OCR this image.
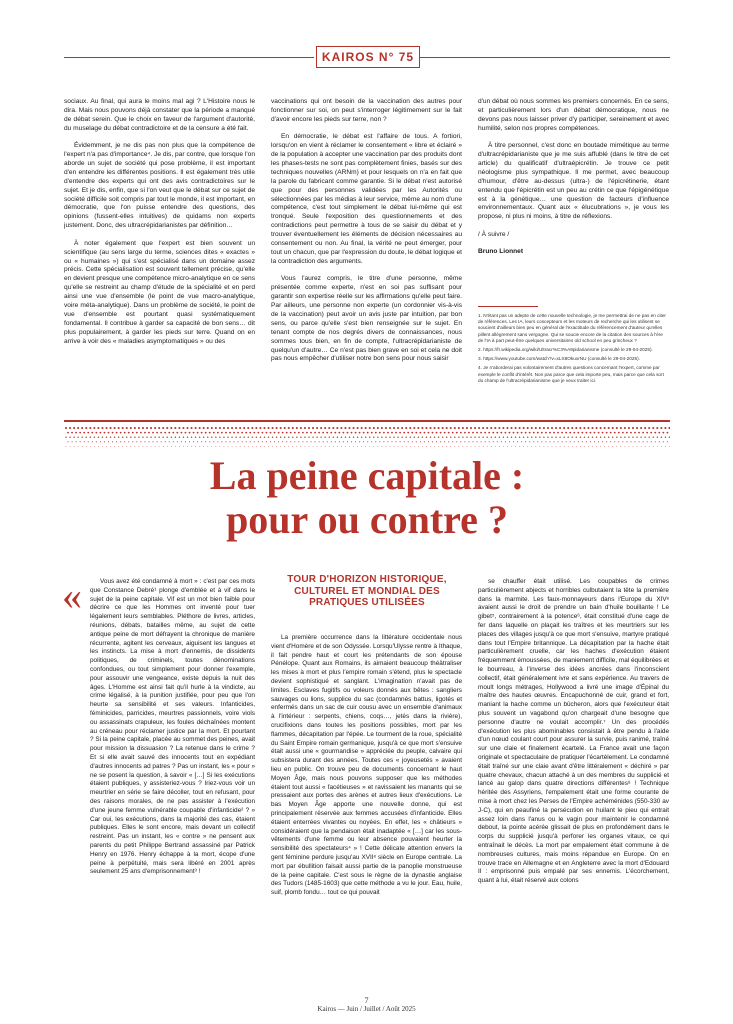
KAIROS N° 75

sociaux. Au final, qui aura le moins mal agi ? L'Histoire nous le dira. Mais nous pouvons déjà constater que la période a manqué de débat serein. Que le choix en faveur de l'argument d'autorité, du muselage du débat contradictoire et de la censure a été fait.

Évidemment, je ne dis pas non plus que la compétence de l'expert n'a pas d'importance⁴. Je dis, par contre, que lorsque l'on aborde un sujet de société qui pose problème, il est important d'en entendre les différentes positions. Il est également très utile d'entendre des experts qui ont des avis contradictoires sur le sujet. Et je dis, enfin, que si l'on veut que le débat sur ce sujet de société difficile soit compris par tout le monde, il est important, en démocratie, que l'on puisse entendre des questions, des opinions (fussent-elles intuitives) de quidams non experts justement. Donc, des ultracrépidarianistes par définition…

À noter également que l'expert est bien souvent un scientifique (au sens large du terme, sciences dites « exactes » ou « humaines ») qui s'est spécialisé dans un domaine assez précis. Cette spécialisation est souvent tellement précise, qu'elle en devient presque une compétence micro-analytique en ce sens qu'elle se restreint au champ d'étude de la spécialité et en perd ainsi une vue d'ensemble (le point de vue macro-analytique, voire méta-analytique). Dans un problème de société, le point de vue d'ensemble est pourtant quasi systématiquement fondamental. Il contribue à garder sa capacité de bon sens… dit plus populairement, à garder les pieds sur terre. Quand on en arrive à voir des « maladies asymptomatiques » ou des

vaccinations qui ont besoin de la vaccination des autres pour fonctionner sur soi, on peut s'interroger légitimement sur le fait d'avoir encore les pieds sur terre, non ?

En démocratie, le débat est l'affaire de tous. A fortiori, lorsqu'on en vient à réclamer le consentement « libre et éclairé » de la population à accepter une vaccination par des produits dont les phases-tests ne sont pas complètement finies, basés sur des techniques nouvelles (ARNm) et pour lesquels on n'a en fait que la parole du fabricant comme garantie. Si le débat n'est autorisé que pour des personnes validées par les Autorités ou sélectionnées par les médias à leur service, même au nom d'une compétence, c'est tout simplement le débat lui-même qui est tronqué. Seule l'exposition des questionnements et des contradictions peut permettre à tous de se saisir du débat et y trouver éventuellement les éléments de décision nécessaires au consentement ou non. Au final, la vérité ne peut émerger, pour tout un chacun, que par l'expression du doute, le débat logique et la contradiction des arguments.

Vous l'aurez compris, le titre d'une personne, même présentée comme experte, n'est en soi pas suffisant pour garantir son expertise réelle sur les affirmations qu'elle peut faire. Par ailleurs, une personne non experte (un cordonnier vis-à-vis de la vaccination) peut avoir un avis juste par intuition, par bon sens, ou parce qu'elle s'est bien renseignée sur le sujet. En tenant compte de nos degrés divers de connaissances, nous sommes tous bien, en fin de compte, l'ultracrépidarianiste de quelqu'un d'autre… Ce n'est pas bien grave en soi et cela ne doit pas nous empêcher d'utiliser notre bon sens pour nous saisir

d'un débat où nous sommes les premiers concernés. En ce sens, et particulièrement lors d'un débat démocratique, nous ne devons pas nous laisser priver d'y participer, sereinement et avec humilité, selon nos propres compétences.

À titre personnel, c'est donc en boutade mimétique au terme d'ultracrépidarianiste que je me suis affublé (dans le titre de cet article) du qualificatif d'ultraépicrétin. Je trouve ce petit néologisme plus sympathique. Il me permet, avec beaucoup d'humour, d'être au-dessus (ultra-) de l'épicrétinerie, étant entendu que l'épicrétin est un peu au crétin ce que l'épigénétique est à la génétique… une question de facteurs d'influence environnementaux. Quant aux « élucubrations », je vous les propose, ni plus ni moins, à titre de réflexions.

/ À suivre /

Bruno Lionnet

1. N'étant pas un adepte de cette nouvelle technologie, je me permettrai de ne pas en citer de références. Les IA, leurs concepteurs et les moteurs de recherche qui les utilisent se soucient d'ailleurs bien peu en général de l'exactitude du référencement d'auteur qu'elles pillent allègrement sans vergogne. Qui se soucie encore de la citation des sources à l'ère de l'IA à part peut-être quelques universitaires old school en peu grincheux ?

2. https://fr.wikipedia.org/wiki/Ultracr%C3%A9pidarianisme (consulté le 29-04-2025).

3. https://www.youtube.com/watch?v=xLX8OkuxrNU (consulté le 29-04-2025).

4. Je n'aborderai pas volontairement d'autres questions concernant l'expert, comme par exemple le conflit d'intérêt. Non pas parce que cela importe peu, mais parce que cela sort du champ de l'ultracrépidarianisme que je veux traiter ici.

La peine capitale :
pour ou contre ?
«	TOUR D'HORIZON HISTORIQUE, CULTUREL ET MONDIAL DES PRATIQUES UTILISÉES

Vous avez été condamné à mort » : c'est par ces mots que Constance Debré¹ plonge d'emblée et à vif dans le sujet de la peine capitale. Vif est un mot bien faible pour décrire ce que les Hommes ont inventé pour tuer légalement leurs semblables. Pléthore de livres, articles, réunions, débats, batailles même, au sujet de cette antique peine de mort défrayent la chronique de manière récurrente, agitent les cerveaux, aiguisent les langues et les instincts. La mise à mort d'ennemis, de dissidents politiques, de criminels, toutes dénominations confondues, ou tout simplement pour donner l'exemple, pour assouvir une vengeance, existe depuis la nuit des âges. L'Homme est ainsi fait qu'il hurle à la vindicte, au crime légalisé, à la punition justifiée, pour peu que l'on heurte sa sensibilité et ses valeurs. Infanticides, féminicides, parricides, meurtres passionnels, voire viols ou assassinats crapuleux, les foules déchaînées montent au créneau pour réclamer justice par la mort. Et pourtant ? Si la peine capitale, placée au sommet des peines, avait pour mission la dissuasion ? La retenue dans le crime ? Et si elle avait sauvé des innocents tout en expédiant d'autres innocents ad patres ? Pas un instant, les « pour » ne se posent la question, à savoir « […] Si les exécutions étaient publiques, y assisteriez-vous ? Iriez-vous voir un meurtrier en série se faire décoller, tout en refusant, pour des raisons morales, de ne pas assister à l'exécution d'une jeune femme vulnérable coupable d'infanticide² ? » Car oui, les exécutions, dans la majorité des cas, étaient publiques. Elles le sont encore, mais devant un collectif restreint. Pas un instant, les « contre » ne pensent aux parents du petit Philippe Bertrand assassiné par Patrick Henry en 1976. Henry échappe à la mort, écope d'une peine à perpétuité, mais sera libéré en 2001 après seulement 25 ans d'emprisonnement³ !

La première occurrence dans la littérature occidentale nous vient d'Homère et de son Odyssée. Lorsqu'Ulysse rentre à Ithaque, il fait pendre haut et court les prétendants de son épouse Pénélope. Quant aux Romains, ils aimaient beaucoup théâtraliser les mises à mort et plus l'empire romain s'étend, plus le spectacle devient sophistiqué et sanglant. L'imagination n'avait pas de limites. Esclaves fugitifs ou voleurs donnés aux bêtes : sangliers sauvages ou lions, supplice du sac (condamnés battus, ligotés et enfermés dans un sac de cuir cousu avec un ensemble d'animaux à l'intérieur : serpents, chiens, coqs…, jetés dans la rivière), crucifixions dans toutes les positions possibles, mort par les flammes, décapitation par l'épée. Le tourment de la roue, spécialité du Saint Empire romain germanique, jusqu'à ce que mort s'ensuive était aussi une « gourmandise » appréciée du peuple, calvaire qui subsistera durant des années. Toutes ces « joyeusetés » avaient lieu en public. On trouve peu de documents concernant le haut Moyen Âge, mais nous pouvons supposer que les méthodes étaient tout aussi « facétieuses » et ravissaient les manants qui se pressaient aux portes des arènes et autres lieux d'exécutions. Le bas Moyen Âge apporte une nouvelle donne, qui est principalement réservée aux femmes accusées d'infanticide. Elles étaient enterrées vivantes ou noyées. En effet, les « châtieurs » considéraient que la pendaison était inadaptée « […] car les sous-vêtements d'une femme ou leur absence pouvaient heurter la sensibilité des spectateurs⁴ » ! Cette délicate attention envers la gent féminine perdure jusqu'au XVIIᵉ siècle en Europe centrale. La mort par ébullition faisait aussi partie de la panoplie monstrueuse de la peine capitale. C'est sous le règne de la dynastie anglaise des Tudors (1485-1603) que cette méthode a vu le jour. Eau, huile, suif, plomb fondu… tout ce qui pouvait

se chauffer était utilisé. Les coupables de crimes particulièrement abjects et horribles culbutaient la tête la première dans la marmite. Les faux-monnayeurs dans l'Europe du XIVᵉ avaient aussi le droit de prendre un bain d'huile bouillante ! Le gibet⁵, contrairement à la potence⁶, était constitué d'une cage de fer dans laquelle on plaçait les traîtres et les meurtriers sur les places des villages jusqu'à ce que mort s'ensuive, martyre pratiqué dans tout l'Empire britannique. La décapitation par la hache était particulièrement cruelle, car les haches d'exécution étaient fréquemment émoussées, de maniement difficile, mal équilibrées et le bourreau, à l'inverse des idées ancrées dans l'inconscient collectif, était généralement ivre et sans expérience. Au travers de moult longs métrages, Hollywood a livré une image d'Épinal du maître des hautes œuvres. Encapuchonné de cuir, grand et fort, maniant la hache comme un bûcheron, alors que l'exécuteur était plus souvent un vagabond qu'on chargeait d'une besogne que personne d'autre ne voulait accomplir.⁷ Un des procédés d'exécution les plus abominables consistait à être pendu à l'aide d'un nœud coulant court pour assurer la survie, puis ranimé, traîné sur une claie et finalement écartelé. La France avait une façon originale et spectaculaire de pratiquer l'écartèlement. Le condamné était traîné sur une claie avant d'être littéralement « déchiré » par quatre chevaux, chacun attaché à un des membres du supplicié et lancé au galop dans quatre directions différentes⁸ ! Technique héritée des Assyriens, l'empalement était une forme courante de mise à mort chez les Perses de l'Empire achéménides (550-330 av J-C), qui en peaufiné la persécution en huilant le pieu qui entrait assez loin dans l'anus ou le vagin pour maintenir le condamné debout, la pointe acérée glissait de plus en profondément dans le corps du supplicié jusqu'à perforer les organes vitaux, ce qui entraînait le décès. La mort par empalement était commune à de nombreuses cultures, mais moins répandue en Europe. On en trouve trace en Allemagne et en Angleterre avec la mort d'Edouard II : emprisonné puis empalé par ses ennemis. L'écorchement, quant à lui, était réservé aux colons

7
Kairos — Juin / Juillet / Août 2025
